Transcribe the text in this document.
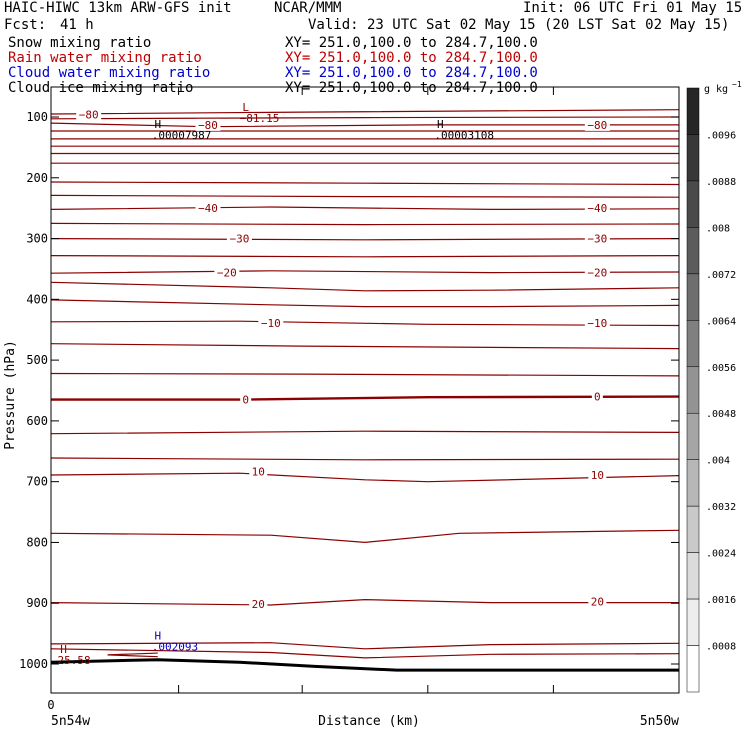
HAIC-HIWC 13km ARW-GFS init	NCAR/MMM	Init: 06 UTC Fri 01 May 15
Fcst: 41 h	Valid: 23 UTC Sat 02 May 15 (20 LST Sat 02 May 15)
Snow mixing ratio	XY= 251.0,100.0 to 284.7,100.0
Rain water mixing ratio	XY= 251.0,100.0 to 284.7,100.0
Cloud water mixing ratio	XY= 251.0,100.0 to 284.7,100.0
Cloud ice mixing ratio	XY= 251.0,100.0 to 284.7,100.0
100
200
300
400
500
600
700
800
900
1000
−80
−80	−80
−40	−40
−30	−30
−20	−20
−10	−10
0	0
10	10
20	20
L
−81.15
H
.00007987
H
.00003108
H
.002093
H
25.58
.0096
.0088
.008
.0072
.0064
.0056
.0048
.004
.0032
.0024
.0016
.0008
Pressure (hPa)
Distance (km)
0
5n54w	5n50w
g kg −1
